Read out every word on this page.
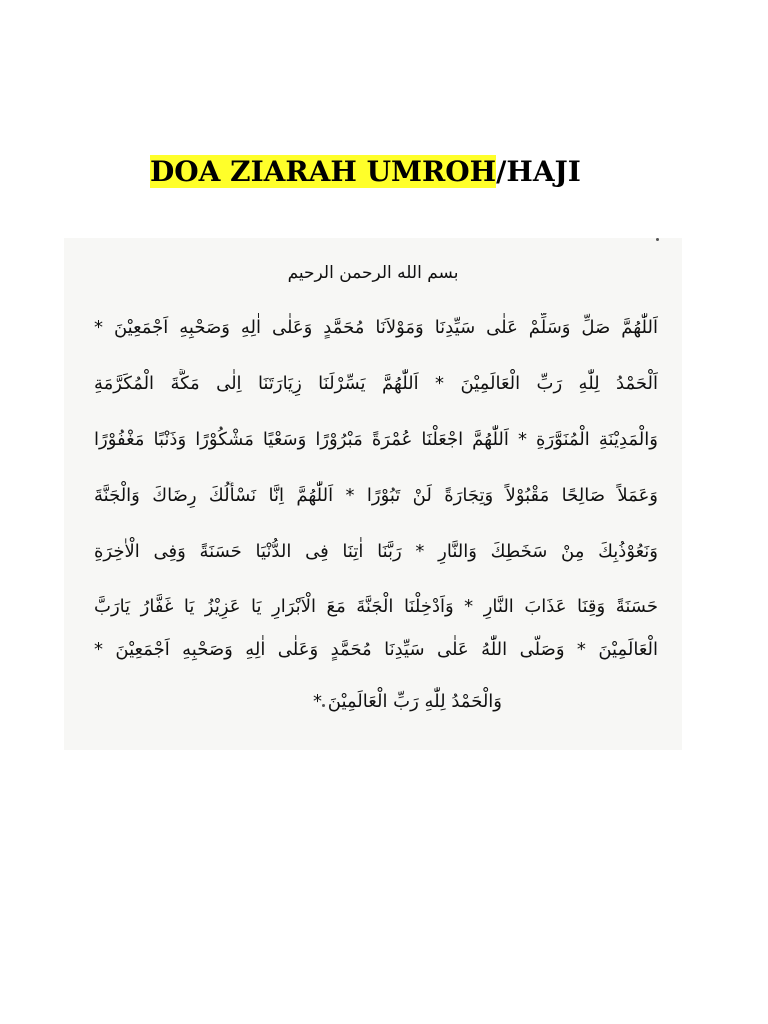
DOA ZIARAH UMROH/HAJI

بسم الله الرحمن الرحيم

اَللّٰهُمَّ صَلِّ وَسَلِّمْ عَلٰى سَيِّدِنَا وَمَوْلاَنَا مُحَمَّدٍ وَعَلٰى اٰلِهِ وَصَحْبِهِ اَجْمَعِيْنَ *

اَلْحَمْدُ لِلّٰهِ رَبِّ الْعَالَمِيْنَ * اَللّٰهُمَّ يَسِّرْلَنَا زِيَارَتَنَا اِلٰى مَكَّةَ الْمُكَرَّمَةِ

وَالْمَدِيْنَةِ الْمُنَوَّرَةِ * اَللّٰهُمَّ اجْعَلْنَا عُمْرَةً مَبْرُوْرًا وَسَعْيًا مَشْكُوْرًا وَذَنْبًا مَغْفُوْرًا

وَعَمَلاً صَالِحًا مَقْبُوْلاً وَتِجَارَةً لَنْ تَبُوْرًا * اَللّٰهُمَّ اِنَّا نَسْأَلُكَ رِضَاكَ وَالْجَنَّةَ

وَنَعُوْذُبِكَ مِنْ سَخَطِكَ وَالنَّارِ * رَبَّنَا اٰتِنَا فِى الدُّنْيَا حَسَنَةً وَفِى الْاٰخِرَةِ

حَسَنَةً وَقِنَا عَذَابَ النَّارِ * وَاَدْخِلْنَا الْجَنَّةَ مَعَ الْاَبْرَارِ يَا عَزِيْزُ يَا غَفَّارُ يَارَبَّ

الْعَالَمِيْنَ * وَصَلَّى اللّٰهُ عَلٰى سَيِّدِنَا مُحَمَّدٍ وَعَلٰى اٰلِهِ وَصَحْبِهِ اَجْمَعِيْنَ *

وَالْحَمْدُ لِلّٰهِ رَبِّ الْعَالَمِيْنَ *
